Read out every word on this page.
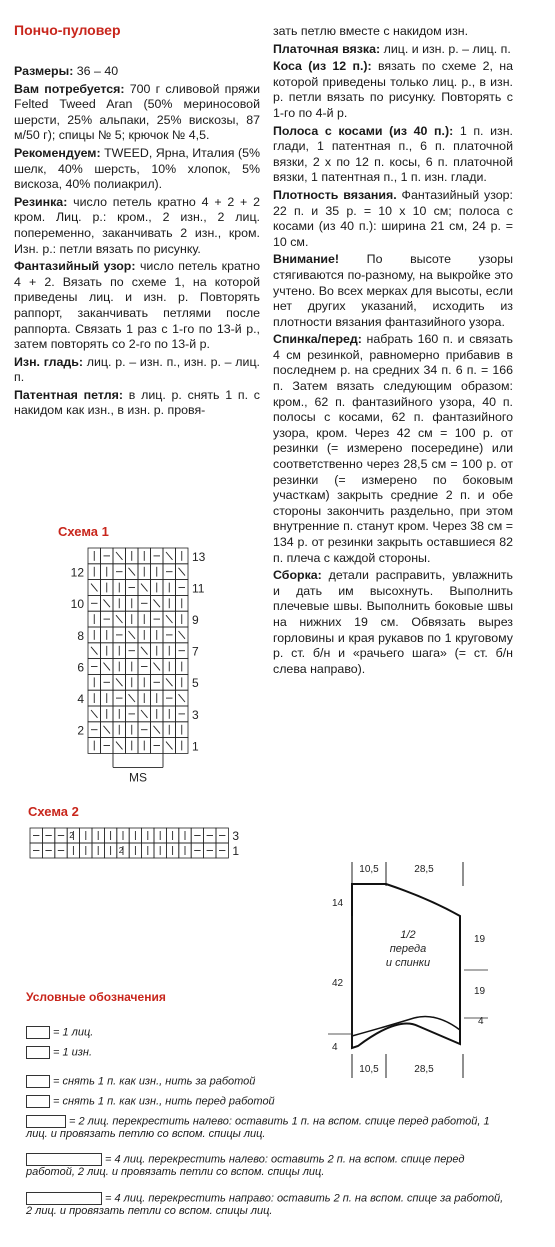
Пончо-пуловер

Размеры: 36 – 40

Вам потребуется: 700 г сливовой пряжи Felted Tweed Aran (50% мериносовой шерсти, 25% альпаки, 25% вискозы, 87 м/50 г); спицы № 5; крючок № 4,5.

Рекомендуем: TWEED, Ярна, Италия (5% шелк, 40% шерсть, 10% хлопок, 5% вискоза, 40% полиакрил).

Резинка: число петель кратно 4 + 2 + 2 кром. Лиц. р.: кром., 2 изн., 2 лиц. попеременно, заканчивать 2 изн., кром. Изн. р.: петли вязать по рисунку.

Фантазийный узор: число петель кратно 4 + 2. Вязать по схеме 1, на которой приведены лиц. и изн. р. Повторять раппорт, заканчивать петлями после раппорта. Связать 1 раз с 1-го по 13-й р., затем повторять со 2-го по 13-й р.

Изн. гладь: лиц. р. – изн. п., изн. р. – лиц. п.

Патентная петля: в лиц. р. снять 1 п. с накидом как изн., в изн. р. провя-

зать петлю вместе с накидом изн.

Платочная вязка: лиц. и изн. р. – лиц. п.

Коса (из 12 п.): вязать по схеме 2, на которой приведены только лиц. р., в изн. р. петли вязать по рисунку. Повторять с 1-го по 4-й р.

Полоса с косами (из 40 п.): 1 п. изн. глади, 1 патентная п., 6 п. платочной вязки, 2 х по 12 п. косы, 6 п. платочной вязки, 1 патентная п., 1 п. изн. глади.

Плотность вязания. Фантазийный узор: 22 п. и 35 р. = 10 х 10 см; полоса с косами (из 40 п.): ширина 21 см, 24 р. = 10 см.

Внимание! По высоте узоры стягиваются по-разному, на выкройке это учтено. Во всех мерках для высоты, если нет других указаний, исходить из плотности вязания фантазийного узора.

Спинка/перед: набрать 160 п. и связать 4 см резинкой, равномерно прибавив в последнем р. на средних 34 п. 6 п. = 166 п. Затем вязать следующим образом: кром., 62 п. фантазийного узора, 40 п. полосы с косами, 62 п. фантазийного узора, кром. Через 42 см = 100 р. от резинки (= измерено посередине) или соответственно через 28,5 см = 100 р. от резинки (= измерено по боковым участкам) закрыть средние 2 п. и обе стороны закончить раздельно, при этом внутренние п. станут кром. Через 38 см = 134 р. от резинки закрыть оставшиеся 82 п. плеча с каждой стороны.

Сборка: детали расправить, увлажнить и дать им высохнуть. Выполнить плечевые швы. Выполнить боковые швы на нижних 19 см. Обвязать вырез горловины и края рукавов по 1 круговому р. ст. б/н и «рачьего шага» (= ст. б/н слева направо).

Схема 1
13
11
9
7
5
3
1
12
10
8
6
4
2
MS
Схема 2
2
2
3
1
10,5	28,5
14
42
4
19
19
4
1/2
переда
и спинки
10,5	28,5
Условные обозначения
= 1 лиц.
= 1 изн.
= снять 1 п. как изн., нить за работой
= снять 1 п. как изн., нить перед работой
= 2 лиц. перекрестить налево: оставить 1 п. на вспом. спице перед работой, 1 лиц. и провязать петлю со вспом. спицы лиц.
= 4 лиц. перекрестить налево: оставить 2 п. на вспом. спице перед работой, 2 лиц. и провязать петли со вспом. спицы лиц.
= 4 лиц. перекрестить направо: оставить 2 п. на вспом. спице за работой, 2 лиц. и провязать петли со вспом. спицы лиц.
